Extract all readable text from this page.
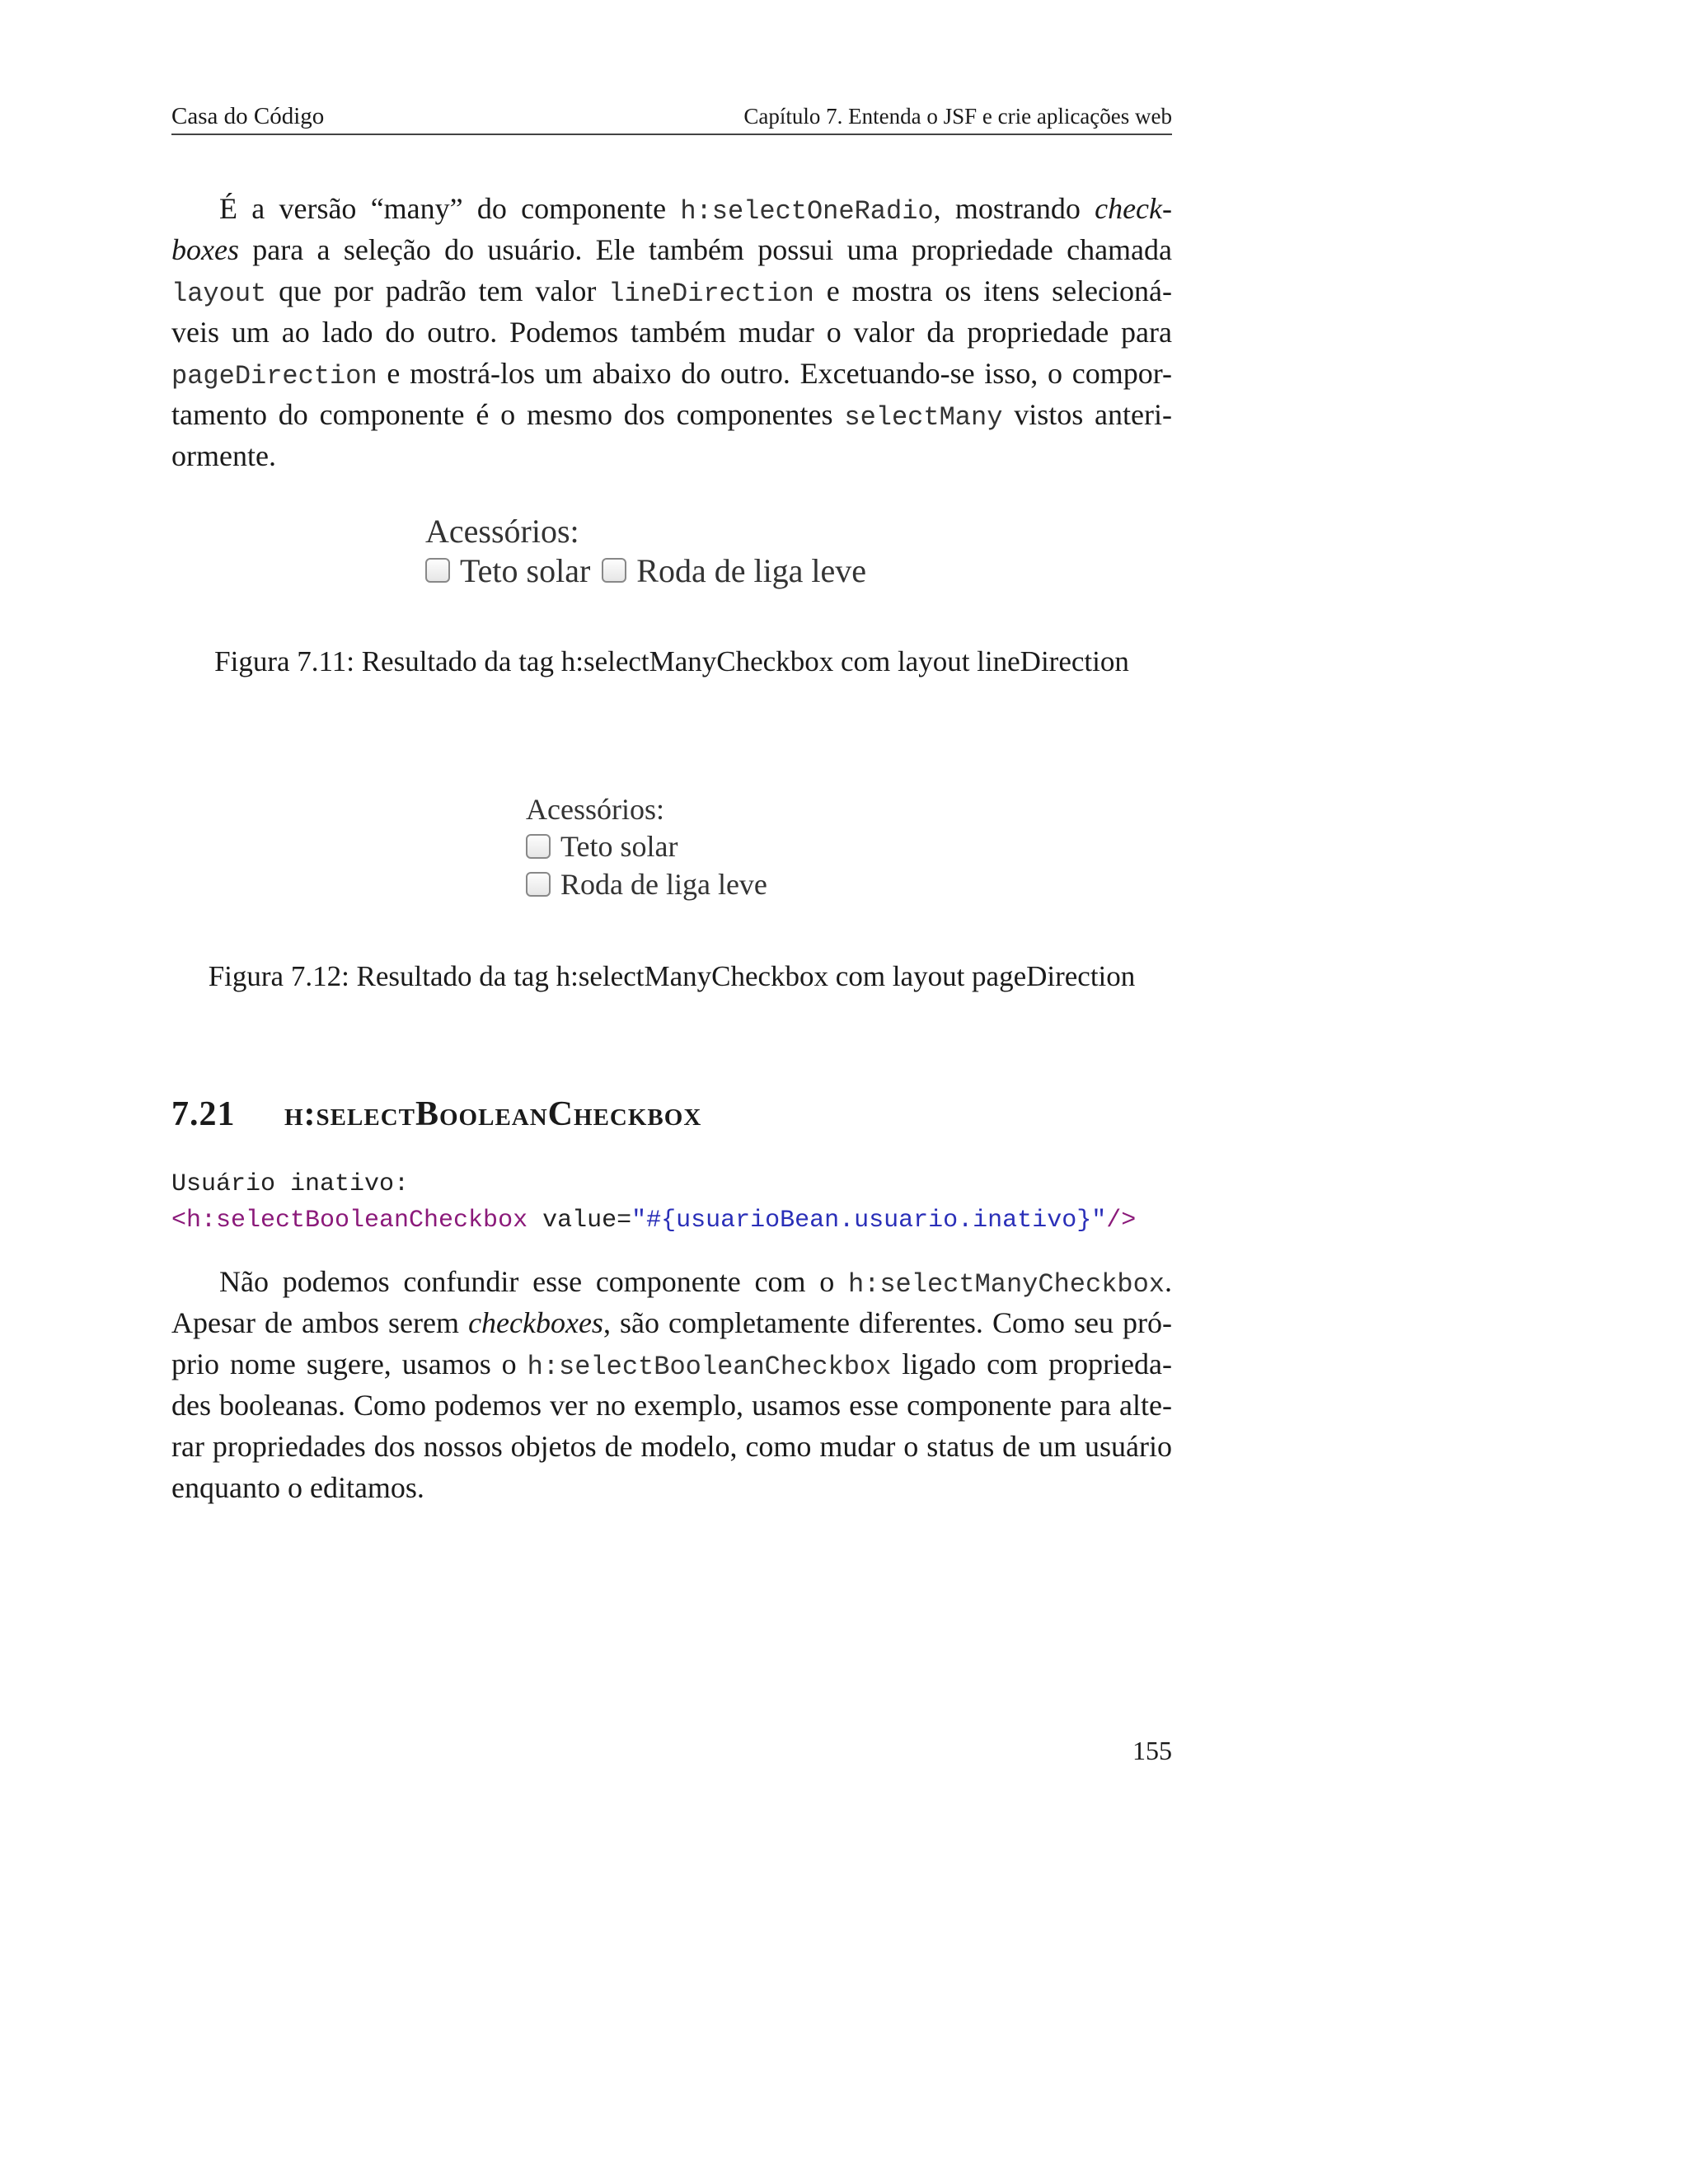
Casa do Código	Capítulo 7. Entenda o JSF e crie aplicações web
É a versão “many” do componente h:selectOneRadio, mostrando check-
boxes para a seleção do usuário. Ele também possui uma propriedade chamada
layout que por padrão tem valor lineDirection e mostra os itens selecioná-
veis um ao lado do outro. Podemos também mudar o valor da propriedade para
pageDirection e mostrá-los um abaixo do outro. Excetuando-se isso, o compor-
tamento do componente é o mesmo dos componentes selectMany vistos anteri-
ormente.
Acessórios:
Teto solar Roda de liga leve
Figura 7.11: Resultado da tag h:selectManyCheckbox com layout lineDirection
Acessórios:
Teto solar
Roda de liga leve
Figura 7.12: Resultado da tag h:selectManyCheckbox com layout pageDirection
7.21 h:selectBooleanCheckbox
Usuário inativo:
<h:selectBooleanCheckbox value="#{usuarioBean.usuario.inativo}"/>
Não podemos confundir esse componente com o h:selectManyCheckbox.
Apesar de ambos serem checkboxes, são completamente diferentes. Como seu pró-
prio nome sugere, usamos o h:selectBooleanCheckbox ligado com proprieda-
des booleanas. Como podemos ver no exemplo, usamos esse componente para alte-
rar propriedades dos nossos objetos de modelo, como mudar o status de um usuário
enquanto o editamos.
155
